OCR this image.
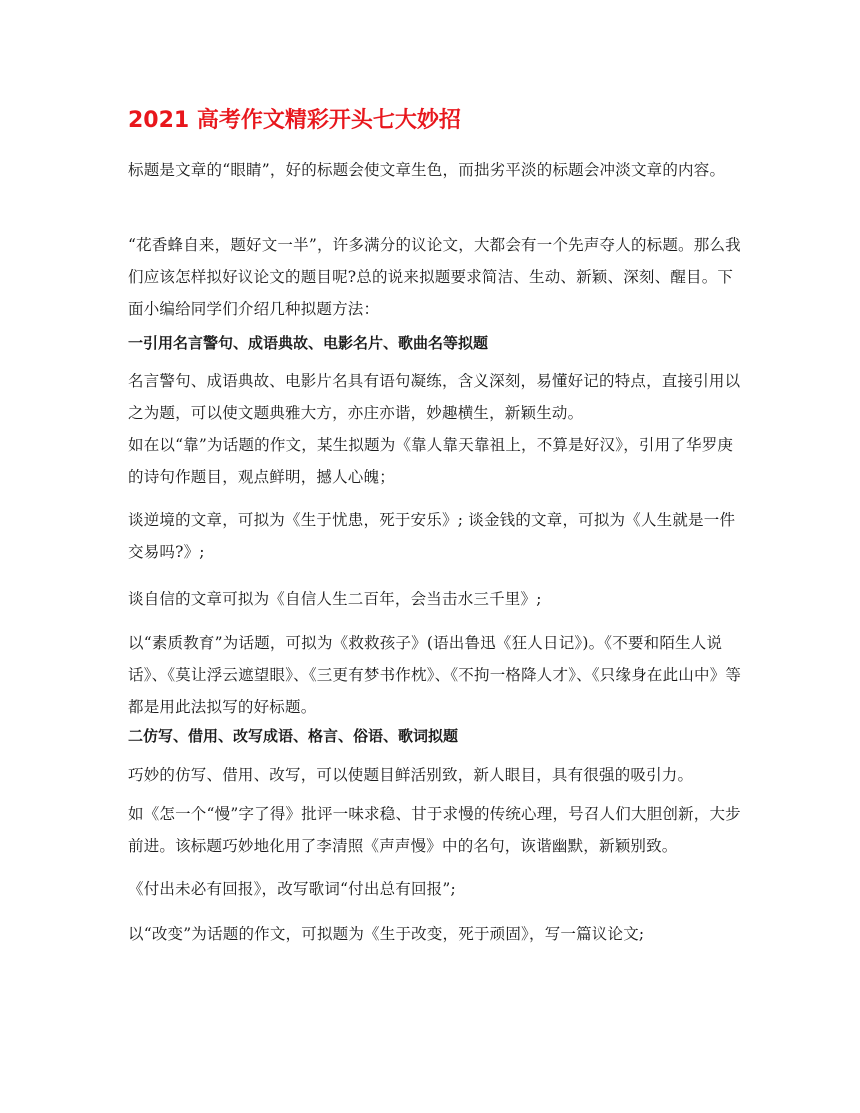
2021 高考作文精彩开头七大妙招

标题是文章的“眼睛”，好的标题会使文章生色，而拙劣平淡的标题会冲淡文章的内容。

“花香蜂自来，题好文一半”，许多满分的议论文，大都会有一个先声夺人的标题。那么我们应该怎样拟好议论文的题目呢?总的说来拟题要求简洁、生动、新颖、深刻、醒目。下面小编给同学们介绍几种拟题方法：

一引用名言警句、成语典故、电影名片、歌曲名等拟题

名言警句、成语典故、电影片名具有语句凝练，含义深刻，易懂好记的特点，直接引用以之为题，可以使文题典雅大方，亦庄亦谐，妙趣横生，新颖生动。

如在以“靠”为话题的作文，某生拟题为《靠人靠天靠祖上，不算是好汉》，引用了华罗庚的诗句作题目，观点鲜明，撼人心魄；

谈逆境的文章，可拟为《生于忧患，死于安乐》; 谈金钱的文章，可拟为《人生就是一件交易吗?》;

谈自信的文章可拟为《自信人生二百年，会当击水三千里》;

以“素质教育”为话题，可拟为《救救孩子》(语出鲁迅《狂人日记》)。《不要和陌生人说话》、《莫让浮云遮望眼》、《三更有梦书作枕》、《不拘一格降人才》、《只缘身在此山中》等都是用此法拟写的好标题。

二仿写、借用、改写成语、格言、俗语、歌词拟题

巧妙的仿写、借用、改写，可以使题目鲜活别致，新人眼目，具有很强的吸引力。

如《怎一个“慢”字了得》批评一味求稳、甘于求慢的传统心理，号召人们大胆创新，大步前进。该标题巧妙地化用了李清照《声声慢》中的名句，诙谐幽默，新颖别致。

《付出未必有回报》，改写歌词“付出总有回报”;

以“改变”为话题的作文，可拟题为《生于改变，死于顽固》，写一篇议论文;
